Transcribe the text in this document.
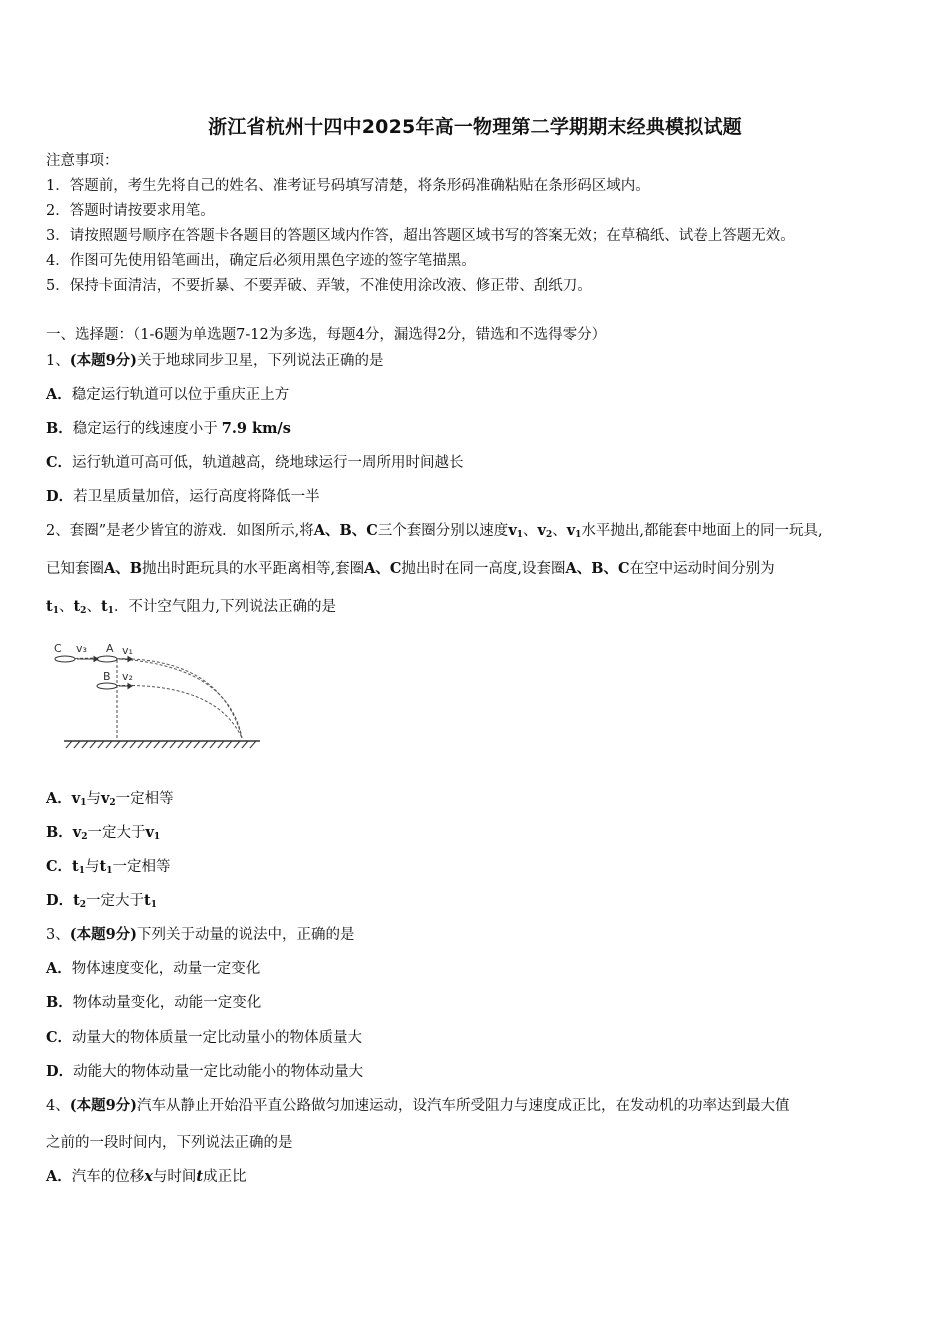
浙江省杭州十四中2025年高一物理第二学期期末经典模拟试题
注意事项：
1．答题前，考生先将自己的姓名、准考证号码填写清楚，将条形码准确粘贴在条形码区域内。
2．答题时请按要求用笔。
3．请按照题号顺序在答题卡各题目的答题区域内作答，超出答题区域书写的答案无效；在草稿纸、试卷上答题无效。
4．作图可先使用铅笔画出，确定后必须用黑色字迹的签字笔描黑。
5．保持卡面清洁，不要折暴、不要弄破、弄皱，不准使用涂改液、修正带、刮纸刀。
一、选择题：（1-6题为单选题7-12为多选，每题4分，漏选得2分，错选和不选得零分）
1、(本题9分)关于地球同步卫星，下列说法正确的是
A．稳定运行轨道可以位于重庆正上方
B．稳定运行的线速度小于 7.9 km/s
C．运行轨道可高可低，轨道越高，绕地球运行一周所用时间越长
D．若卫星质量加倍，运行高度将降低一半
2、套圈”是老少皆宜的游戏．如图所示,将A、B、C三个套圈分别以速度$v_1$、$v_2$、$v_1$水平抛出,都能套中地面上的同一玩具,
已知套圈A、B抛出时距玩具的水平距离相等,套圈A、C抛出时在同一高度,设套圈A、B、C在空中运动时间分别为
$t_1$、$t_2$、$t_1$．不计空气阻力,下列说法正确的是
C v₃ A v₁
B v₂
A．$v_1$与$v_2$一定相等
B．$v_2$一定大于$v_1$
C．$t_1$与$t_1$一定相等
D．$t_2$一定大于$t_1$
3、(本题9分)下列关于动量的说法中，正确的是
A．物体速度变化，动量一定变化
B．物体动量变化，动能一定变化
C．动量大的物体质量一定比动量小的物体质量大
D．动能大的物体动量一定比动能小的物体动量大
4、(本题9分)汽车从静止开始沿平直公路做匀加速运动，设汽车所受阻力与速度成正比，在发动机的功率达到最大值
之前的一段时间内，下列说法正确的是
A．汽车的位移x与时间t成正比
